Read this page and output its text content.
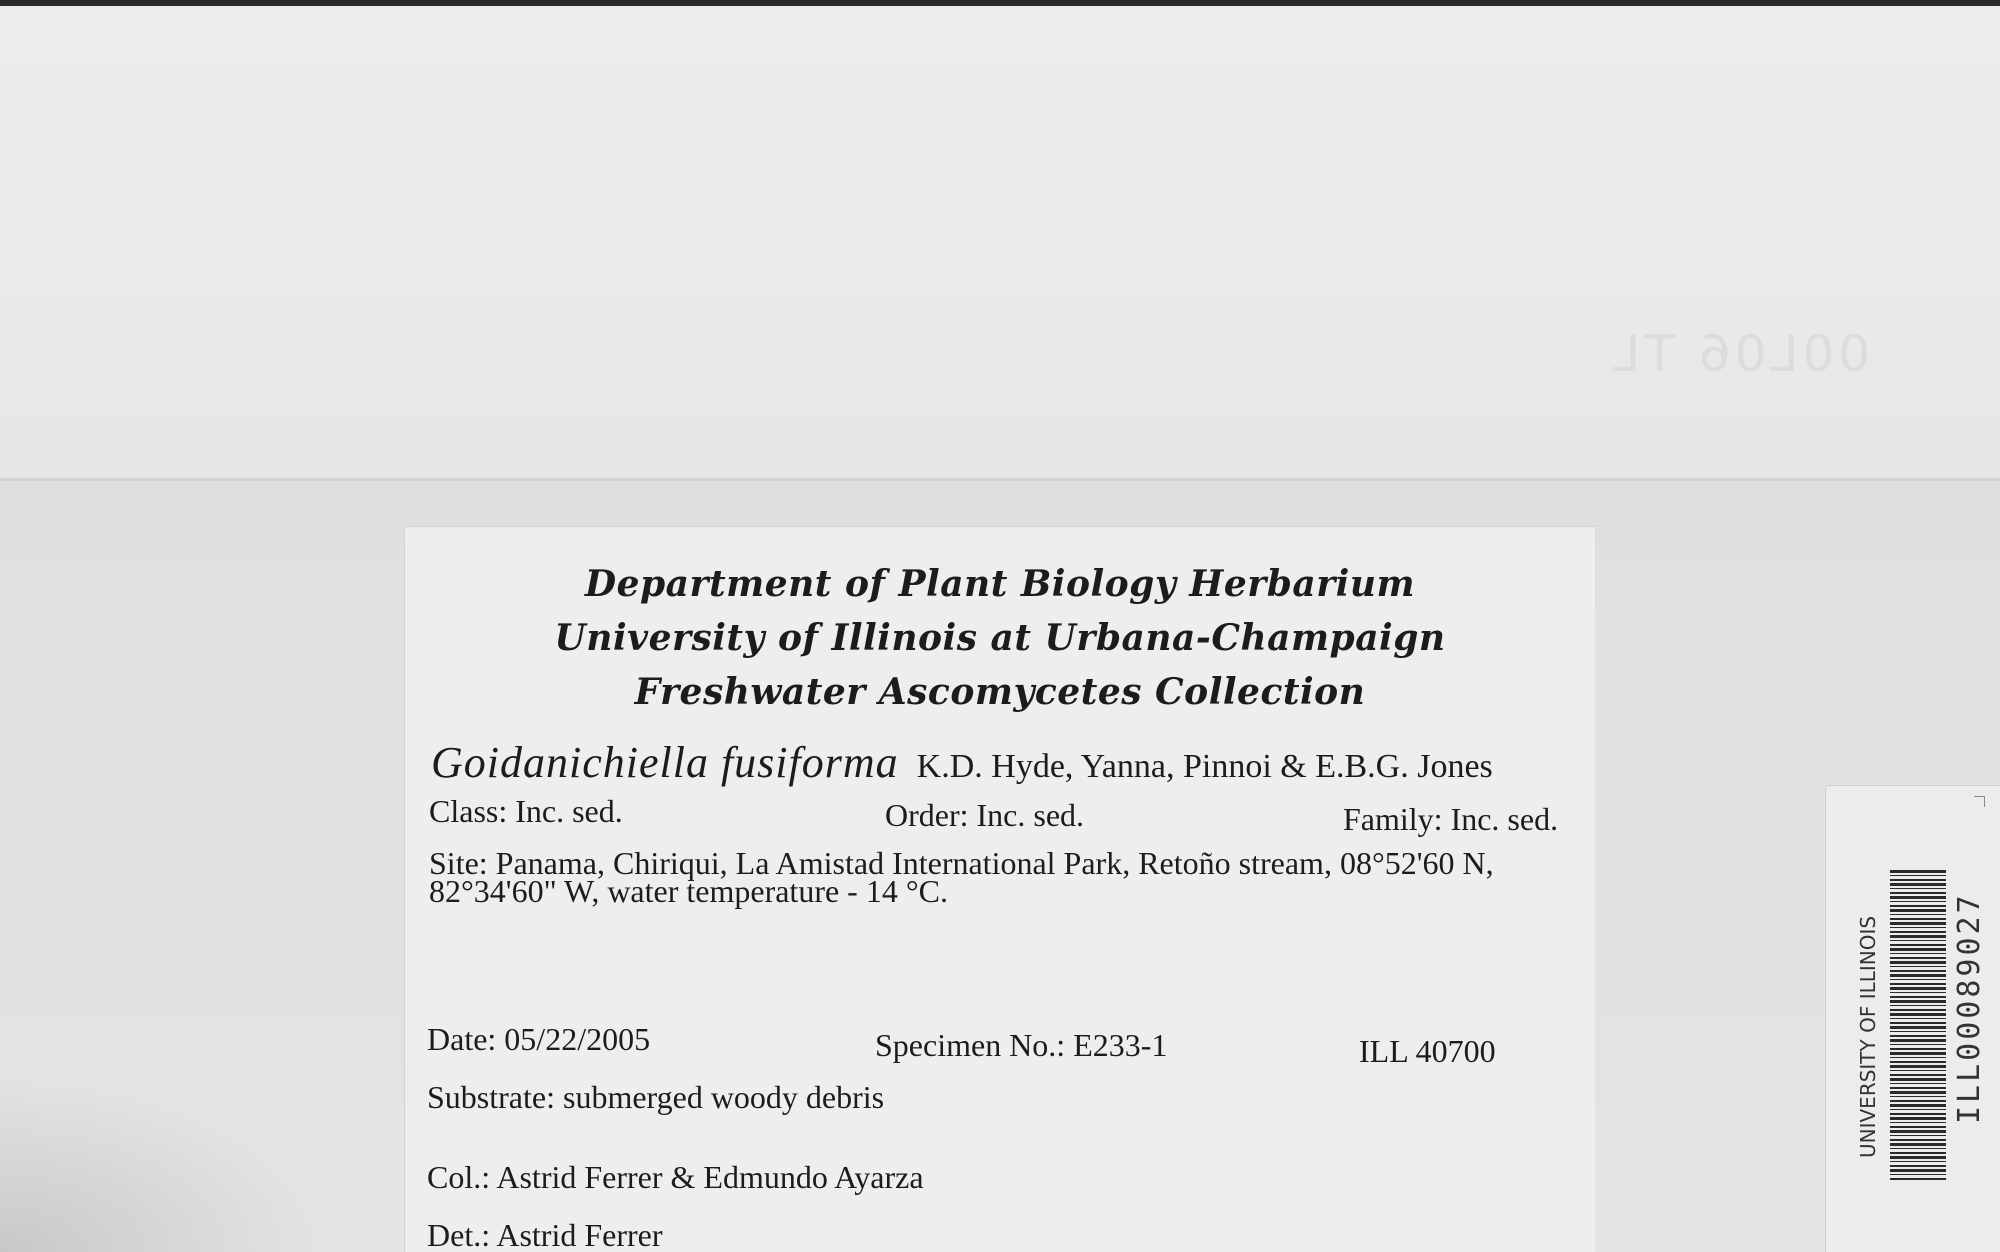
00L06 TL
Department of Plant Biology Herbarium
University of Illinois at Urbana-Champaign
Freshwater Ascomycetes Collection
Goidanichiella fusiforma K.D. Hyde, Yanna, Pinnoi & E.B.G. Jones
Class: Inc. sed.	Order: Inc. sed.	Family: Inc. sed.
Site: Panama, Chiriqui, La Amistad International Park, Retoño stream, 08°52'60 N,
82°34'60" W, water temperature - 14 °C.
Date: 05/22/2005	Specimen No.: E233-1	ILL 40700
Substrate: submerged woody debris
Col.: Astrid Ferrer & Edmundo Ayarza
Det.: Astrid Ferrer
UNIVERSITY OF ILLINOIS ILL00089027
